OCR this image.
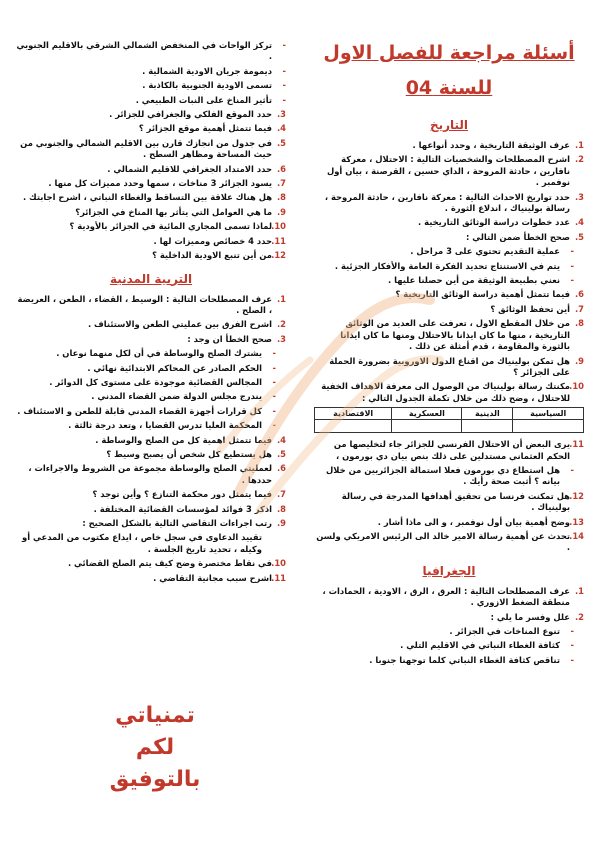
أسئلة مراجعة للفصل الاول
للسنة 04
التاريخ
1.
عرف الوثيقة التاريخية ، وحدد أنواعها .
2.
اشرح المصطلحات والشخصيات التالية : الاحتلال ، معركة نافارين ، حادثة المروحة ، الداي حسين ، القرصنة ، بيان أول نوفمبر .
3.
حدد تواريخ الاحداث التالية : معركة نافارين ، حادثة المروحة ، رسالة بولينياك ، اندلاع الثورة .
4.
عدد خطوات دراسة الوثائق التاريخية .
5.
صحح الخطأ ضمن التالي :
-
عملية التقديم تحتوي على 3 مراحل .
-
يتم في الاستنتاج تحديد الفكرة العامة والأفكار الجزئية .
-
نعني بطبيعة الوثيقة من أين حصلنا عليها .
6.
فيما تتمثل أهمية دراسة الوثائق التاريخية ؟
7.
أين تحفظ الوثائق ؟
8.
من خلال المقطع الاول ، تعرفت على العديد من الوثائق التاريخية ، منها ما كان ايذانا بالاحتلال ومنها ما كان ايذانا بالثورة والمقاومة ، قدم أمثلة عن ذلك .
9.
هل تمكن بولينياك من اقناع الدول الاوروبية بضرورة الحملة على الجزائر ؟
10.
مكنتك رسالة بولينياك من الوصول الى معرفة الاهداف الخفية للاحتلال ، وضح ذلك من خلال تكملة الجدول التالي :
السياسية	الدينية	العسكرية	الاقتصادية

11.
يرى البعض أن الاحتلال الفرنسي للجزائر جاء لتخليصها من الحكم العثماني مستدلين على ذلك بنص بيان دي بورمون ،
-
هل استطاع دي بورمون فعلا استمالة الجزائريين من خلال بيانه ؟ أثبت صحة رأيك .
12.
هل تمكنت فرنسا من تحقيق أهدافها المدرجة في رسالة بولينياك .
13.
وضح أهمية بيان أول نوفمبر ، و الى ماذا أشار .
14.
تحدث عن أهمية رسالة الامير خالد الى الرئيس الامريكي ولسن .
الجغرافيا
1.
عرف المصطلحات التالية : العرق ، الرق ، الاودية ، الحمادات ، منطقة الضغط الازوري .
2.
علل وفسر ما يلي :
-
تنوع المناخات في الجزائر .
-
كثافة الغطاء النباتي في الاقليم التلي .
-
تناقص كثافة الغطاء النباتي كلما توجهنا جنوبا .
-
تركز الواحات في المنخفض الشمالي الشرقي بالاقليم الجنوبي .
-
ديمومة جريان الاودية الشمالية .
-
تسمى الاودية الجنوبية بالكاذبة .
-
تأثير المناخ على النبات الطبيعي .
3.
حدد الموقع الفلكي والجغرافي للجزائر .
4.
فيما تتمثل أهمية موقع الجزائر ؟
5.
في جدول من انجازك قارن بين الاقليم الشمالي والجنوبي من حيث المساحة ومظاهر السطح .
6.
حدد الامتداد الجغرافي للاقليم الشمالي .
7.
يسود الجزائر 3 مناخات ، سمها وحدد مميزات كل منها .
8.
هل هناك علاقة بين التساقط والغطاء النباتي ، اشرح اجابتك .
9.
ما هي العوامل التي يتأثر بها المناخ في الجزائر؟
10.
لماذا تسمى المجاري المائية في الجزائر بالأودية ؟
11.
حدد 4 خصائص ومميزات لها .
12.
من أين تنبع الاودية الداخلية ؟
التربية المدنية
1.
عرف المصطلحات التالية : الوسيط ، القضاء ، الطعن ، العريضة ، الصلح .
2.
اشرح الفرق بين عمليتي الطعن والاستئناف .
3.
صحح الخطأ ان وجد :
-
يشترك الصلح والوساطة في أن لكل منهما نوعان .
-
الحكم الصادر عن المحاكم الابتدائية نهائي .
-
المجالس القضائية موجودة على مستوى كل الدوائر .
-
يندرج مجلس الدولة ضمن القضاء المدني .
-
كل قرارات أجهزة القضاء المدني قابلة للطعن و الاستئناف .
-
المحكمة العليا تدرس القضايا ، وتعد درجة ثالثة .
4.
فيما تتمثل اهمية كل من الصلح والوساطة .
5.
هل يستطيع كل شخص أن يصبح وسيط ؟
6.
لعمليتي الصلح والوساطة مجموعة من الشروط والاجراءات ، حددها .
7.
فيما يتمثل دور محكمة التنازع ؟ وأين توجد ؟
8.
اذكر 3 فوائد لمؤسسات القضائية المختلفة .
9.
رتب اجراءات التقاضي التالية بالشكل الصحيح :
تقييد الدعاوى في سجل خاص ، ايداع مكتوب من المدعي أو وكيله ، تحديد تاريخ الجلسة .
10.
في نقاط مختصرة وضح كيف يتم الصلح القضائي .
11.
اشرح سبب مجانية التقاضي .
تمنياتي
لكم
بالتوفيق
